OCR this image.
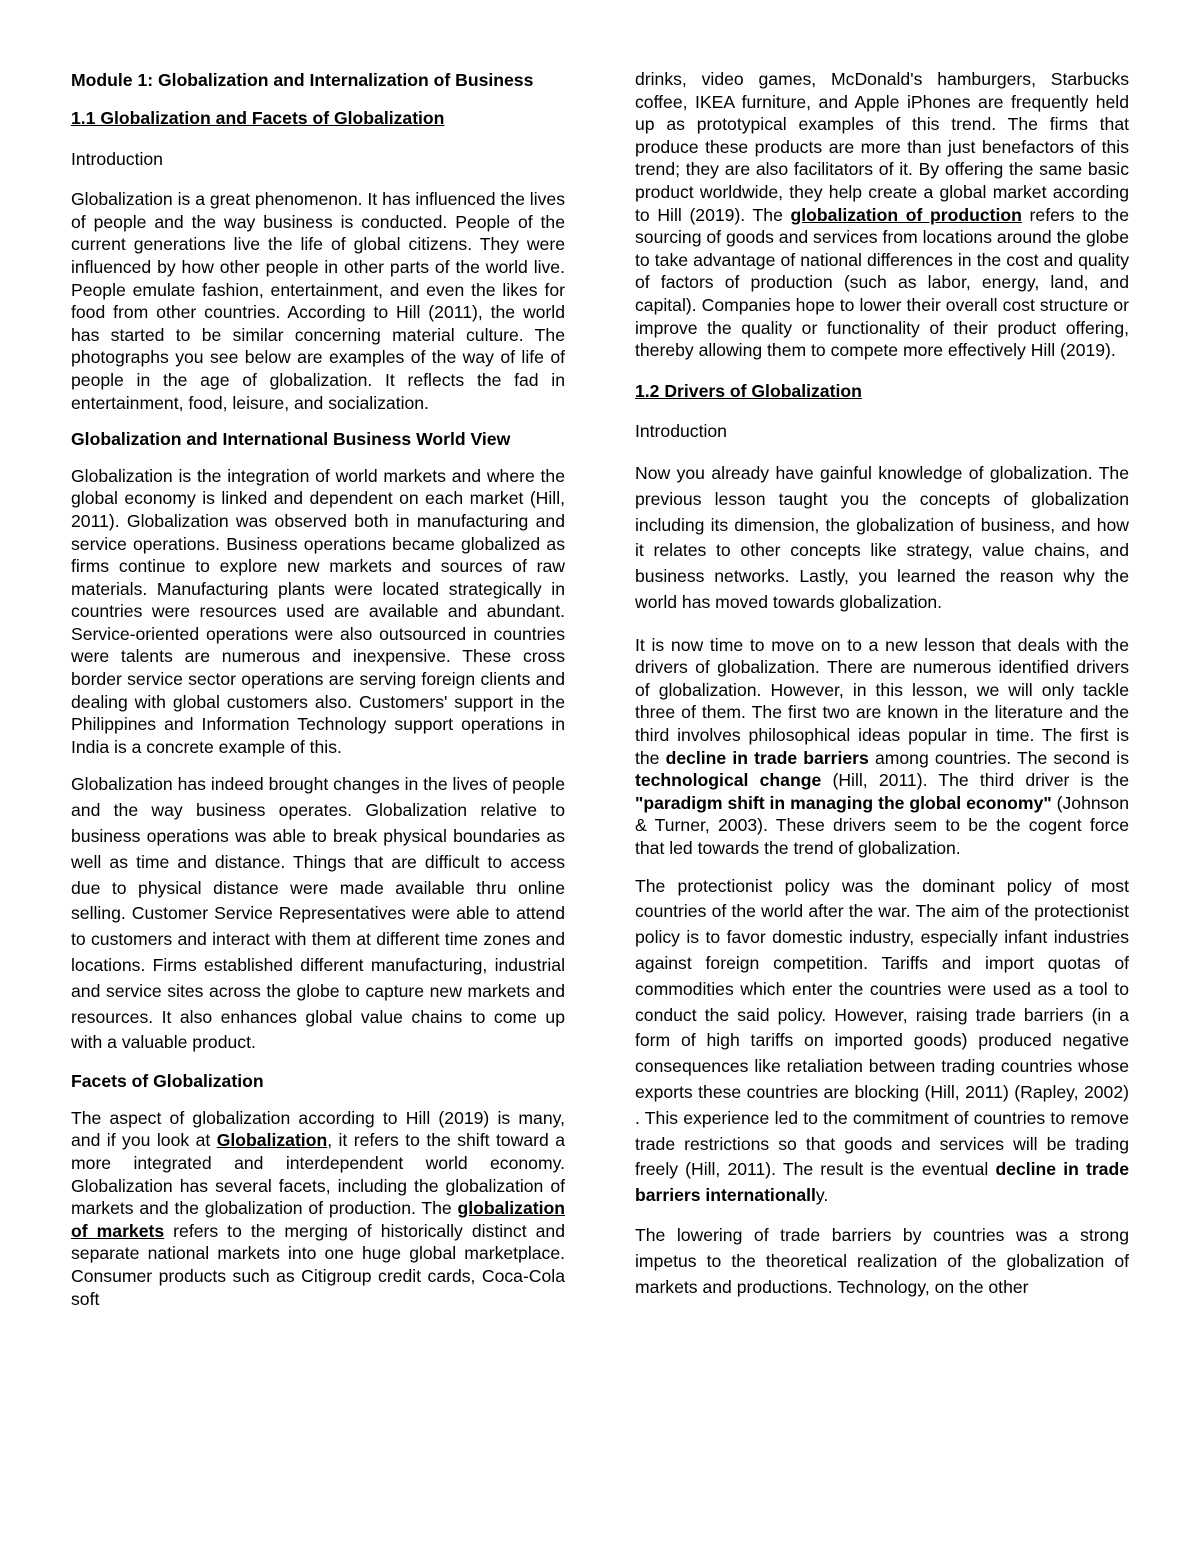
Module 1: Globalization and Internalization of Business

1.1 Globalization and Facets of Globalization

Introduction

Globalization is a great phenomenon. It has influenced the lives of people and the way business is conducted. People of the current generations live the life of global citizens. They were influenced by how other people in other parts of the world live. People emulate fashion, entertainment, and even the likes for food from other countries. According to Hill (2011), the world has started to be similar concerning material culture. The photographs you see below are examples of the way of life of people in the age of globalization. It reflects the fad in entertainment, food, leisure, and socialization.

Globalization and International Business World View

Globalization is the integration of world markets and where the global economy is linked and dependent on each market (Hill, 2011). Globalization was observed both in manufacturing and service operations. Business operations became globalized as firms continue to explore new markets and sources of raw materials. Manufacturing plants were located strategically in countries were resources used are available and abundant. Service-oriented operations were also outsourced in countries were talents are numerous and inexpensive. These cross border service sector operations are serving foreign clients and dealing with global customers also. Customers' support in the Philippines and Information Technology support operations in India is a concrete example of this.

Globalization has indeed brought changes in the lives of people and the way business operates. Globalization relative to business operations was able to break physical boundaries as well as time and distance. Things that are difficult to access due to physical distance were made available thru online selling. Customer Service Representatives were able to attend to customers and interact with them at different time zones and locations. Firms established different manufacturing, industrial and service sites across the globe to capture new markets and resources. It also enhances global value chains to come up with a valuable product.

Facets of Globalization

The aspect of globalization according to Hill (2019) is many, and if you look at Globalization, it refers to the shift toward a more integrated and interdependent world economy. Globalization has several facets, including the globalization of markets and the globalization of production. The globalization of markets refers to the merging of historically distinct and separate national markets into one huge global marketplace. Consumer products such as Citigroup credit cards, Coca-Cola soft

drinks, video games, McDonald's hamburgers, Starbucks coffee, IKEA furniture, and Apple iPhones are frequently held up as prototypical examples of this trend. The firms that produce these products are more than just benefactors of this trend; they are also facilitators of it. By offering the same basic product worldwide, they help create a global market according to Hill (2019). The globalization of production refers to the sourcing of goods and services from locations around the globe to take advantage of national differences in the cost and quality of factors of production (such as labor, energy, land, and capital). Companies hope to lower their overall cost structure or improve the quality or functionality of their product offering, thereby allowing them to compete more effectively Hill (2019).

1.2 Drivers of Globalization

Introduction

Now you already have gainful knowledge of globalization. The previous lesson taught you the concepts of globalization including its dimension, the globalization of business, and how it relates to other concepts like strategy, value chains, and business networks. Lastly, you learned the reason why the world has moved towards globalization.

It is now time to move on to a new lesson that deals with the drivers of globalization. There are numerous identified drivers of globalization. However, in this lesson, we will only tackle three of them. The first two are known in the literature and the third involves philosophical ideas popular in time. The first is the decline in trade barriers among countries. The second is technological change (Hill, 2011). The third driver is the "paradigm shift in managing the global economy" (Johnson & Turner, 2003). These drivers seem to be the cogent force that led towards the trend of globalization.

The protectionist policy was the dominant policy of most countries of the world after the war. The aim of the protectionist policy is to favor domestic industry, especially infant industries against foreign competition. Tariffs and import quotas of commodities which enter the countries were used as a tool to conduct the said policy. However, raising trade barriers (in a form of high tariffs on imported goods) produced negative consequences like retaliation between trading countries whose exports these countries are blocking (Hill, 2011) (Rapley, 2002) . This experience led to the commitment of countries to remove trade restrictions so that goods and services will be trading freely (Hill, 2011). The result is the eventual decline in trade barriers internationally.

The lowering of trade barriers by countries was a strong impetus to the theoretical realization of the globalization of markets and productions. Technology, on the other
